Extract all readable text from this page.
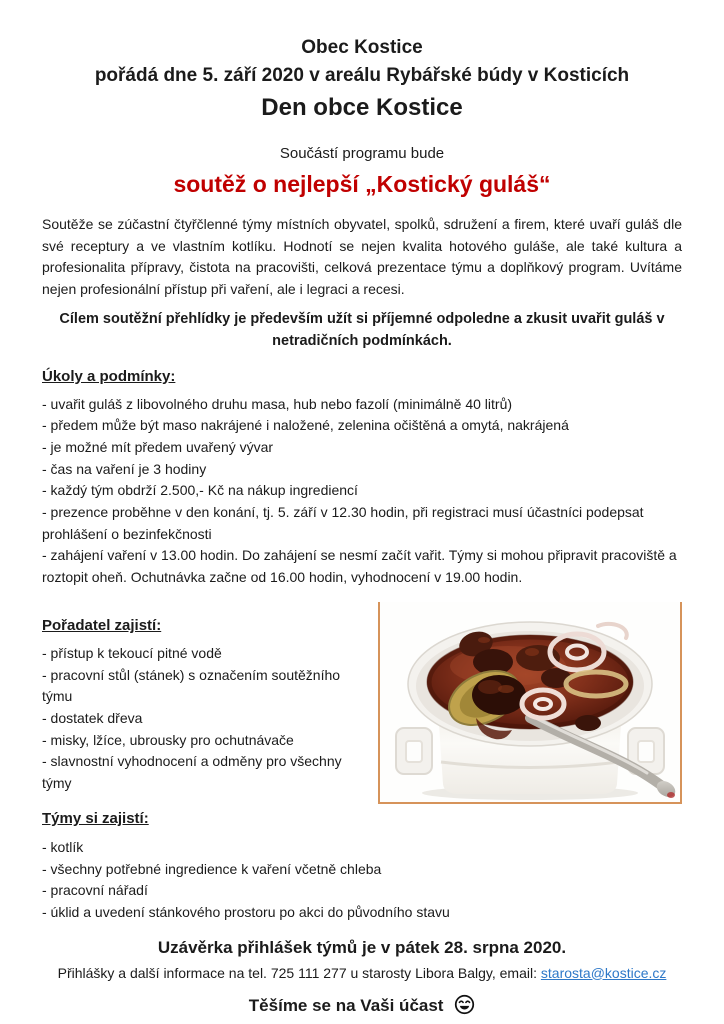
Obec Kostice
pořádá dne 5. září 2020 v areálu Rybářské búdy v Kosticích
Den obce Kostice
Součástí programu bude
soutěž o nejlepší „Kostický guláš“

Soutěže se zúčastní čtyřčlenné týmy místních obyvatel, spolků, sdružení a firem, které uvaří guláš dle své receptury a ve vlastním kotlíku. Hodnotí se nejen kvalita hotového guláše, ale také kultura a profesionalita přípravy, čistota na pracovišti, celková prezentace týmu a doplňkový program. Uvítáme nejen profesionální přístup při vaření, ale i legraci a recesi.

Cílem soutěžní přehlídky je především užít si příjemné odpoledne a zkusit uvařit guláš v netradičních podmínkách.

Úkoly a podmínky:
- uvařit guláš z libovolného druhu masa, hub nebo fazolí (minimálně 40 litrů)
- předem může být maso nakrájené i naložené, zelenina očištěná a omytá, nakrájená
- je možné mít předem uvařený vývar
- čas na vaření je 3 hodiny
- každý tým obdrží 2.500,- Kč na nákup ingrediencí
- prezence proběhne v den konání, tj. 5. září v 12.30 hodin, při registraci musí účastníci podepsat prohlášení o bezinfekčnosti
- zahájení vaření v 13.00 hodin. Do zahájení se nesmí začít vařit. Týmy si mohou připravit pracoviště a roztopit oheň. Ochutnávka začne od 16.00 hodin, vyhodnocení v 19.00 hodin.
Pořadatel zajistí:
- přístup k tekoucí pitné vodě
- pracovní stůl (stánek) s označením soutěžního týmu
- dostatek dřeva
- misky, lžíce, ubrousky pro ochutnávače
- slavnostní vyhodnocení a odměny pro všechny týmy
Týmy si zajistí:
- kotlík
- všechny potřebné ingredience k vaření včetně chleba
- pracovní nářadí
- úklid a uvedení stánkového prostoru po akci do původního stavu
Uzávěrka přihlášek týmů je v pátek 28. srpna 2020.
Přihlášky a další informace na tel. 725 111 277 u starosty Libora Balgy, email: starosta@kostice.cz
Těšíme se na Vaši účast
